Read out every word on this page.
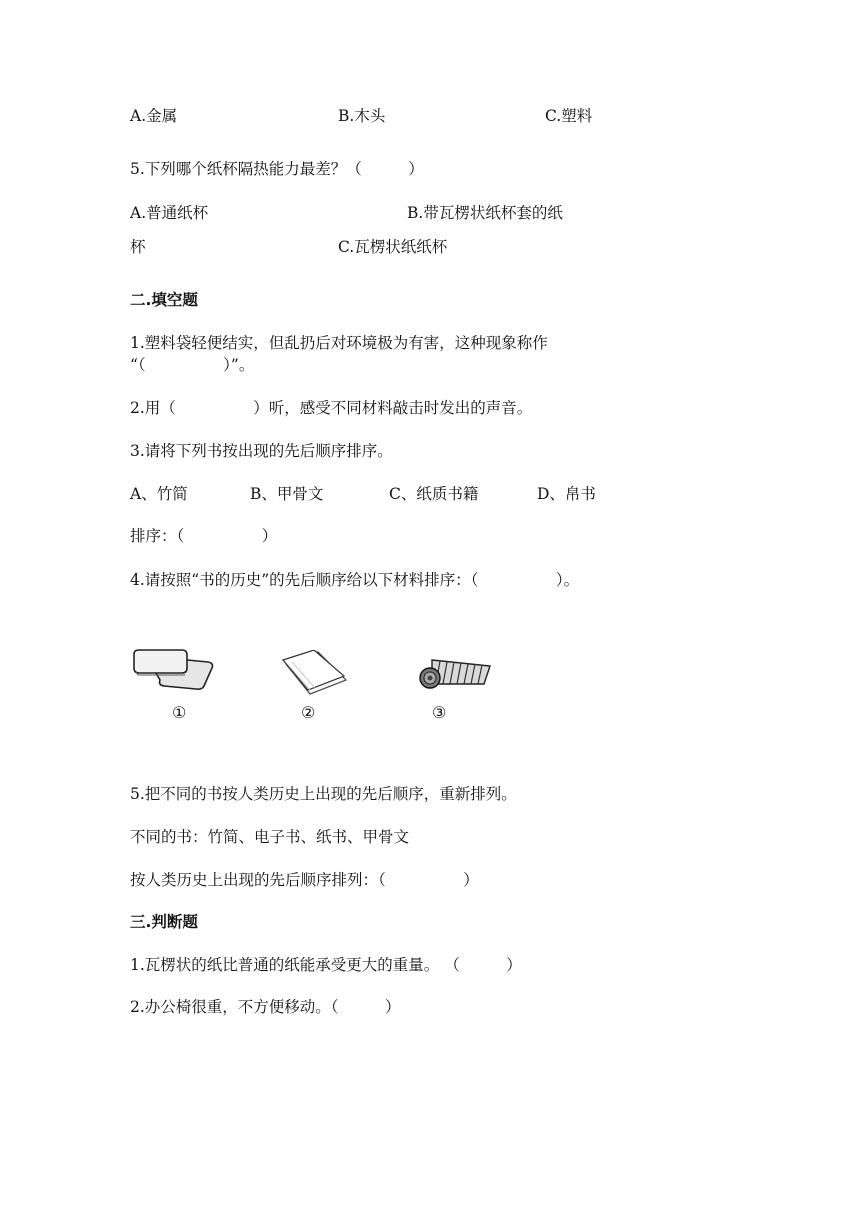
A.金属	B.木头	C.塑料
5.下列哪个纸杯隔热能力最差？（　　　）
A.普通纸杯	B.带瓦楞状纸杯套的纸
杯	C.瓦楞状纸纸杯
二.填空题
1.塑料袋轻便结实，但乱扔后对环境极为有害，这种现象称作
“（　　　　　）”。
2.用（　　　　　）听，感受不同材料敲击时发出的声音。
3.请将下列书按出现的先后顺序排序。
A、竹简	B、甲骨文	C、纸质书籍	D、帛书
排序：（　　　　　）
4.请按照“书的历史”的先后顺序给以下材料排序：（　　　　　）。
①	②	③
5.把不同的书按人类历史上出现的先后顺序，重新排列。
不同的书：竹简、电子书、纸书、甲骨文
按人类历史上出现的先后顺序排列：（　　　　　）
三.判断题
1.瓦楞状的纸比普通的纸能承受更大的重量。 （　　　）
2.办公椅很重，不方便移动。（　　　）
